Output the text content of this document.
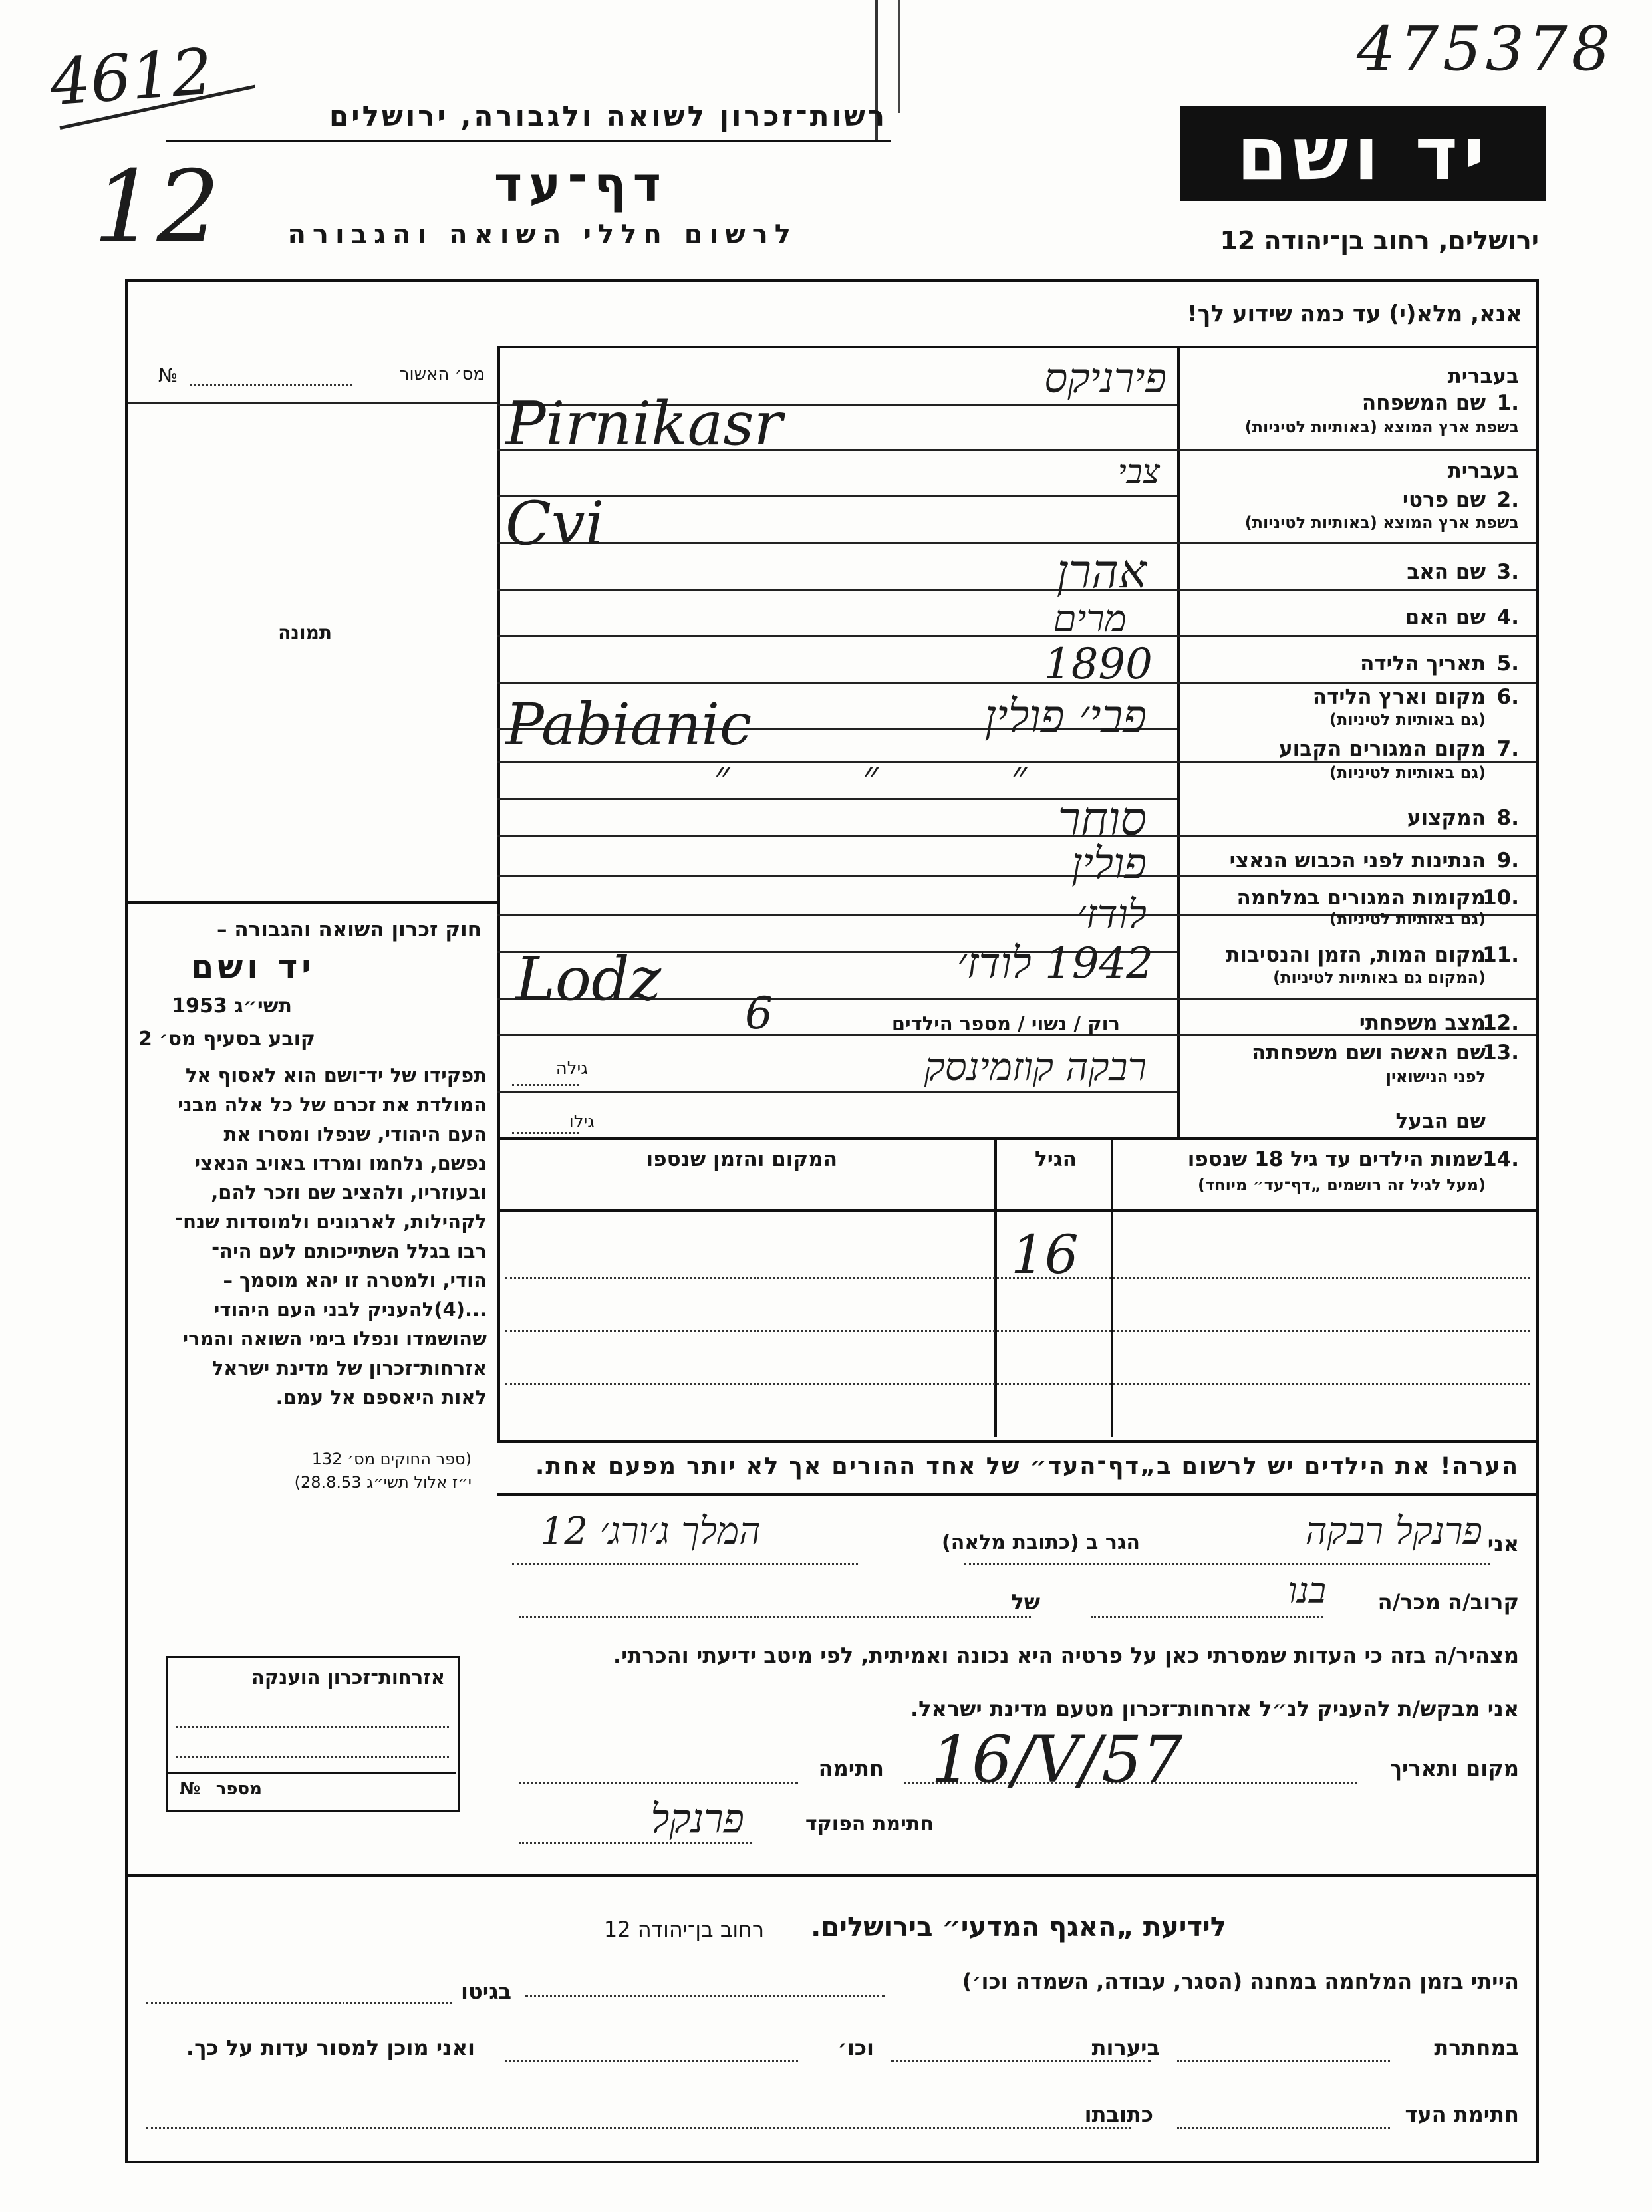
475378
4612
12
רשות־זכרון לשואה ולגבורה, ירושלים
דף־עד
לרשום חללי השואה והגבורה
יד ושם
ירושלים, רחוב בן־יהודה 12
אנא, מלא(י) עד כמה שידוע לך!
מס׳ האשור
№
תמונה
בעברית
1.
שם המשפחה
בשפת ארץ המוצא (באותיות לטיניות)
בעברית
2.
שם פרטי
בשפת ארץ המוצא (באותיות לטיניות)
3.
שם האב
4.
שם האם
5.
תאריך הלידה
6.
מקום וארץ הלידה
(גם באותיות לטיניות)
7.
מקום המגורים הקבוע
(גם באותיות לטיניות)
8.
המקצוע
9.
הנתינות לפני הכבוש הנאצי
10.
מקומות המגורים במלחמה
(גם באותיות לטיניות)
11.
מקום המות, הזמן והנסיבות
(המקום גם באותיות לטיניות)
12.
מצב משפחתי
13.
שם האשה ושם משפחתה
לפני הנישואין
שם הבעל
פירניקס
Pirnikasr
צבי
Cvi
אהרן
מרים
1890
פבי׳ פולין
Pabianic
״ ״ ״
סוחר
פולין
לודז׳
1942 לודז׳
Lodz
רוק / נשוי / מספר הילדים
6
רבקה קוזמינסק
גילה
גילו
14.
שמות הילדים עד גיל 18 שנספו
(מעל לגיל זה רושמים „דף־עד״ מיוחד)
הגיל
המקום והזמן שנספו
16
הערה! את הילדים יש לרשום ב„דף־העד״ של אחד ההורים אך לא יותר מפעם אחת.
חוק זכרון השואה והגבורה –
יד ושם
תשי״ג 1953
קובע בסעיף מס׳ 2
תפקידו של יד־ושם הוא לאסוף אל
המולדת את זכרם של כל אלה מבני
העם היהודי, שנפלו ומסרו את
נפשם, נלחמו ומרדו באויב הנאצי
ובעוזריו, ולהציב שם וזכר להם,
לקהילות, לארגונים ולמוסדות שנח־
רבו בגלל השתייכותם לעם היה־
הודי, ולמטרה זו יהא מוסמך –
...(4)להעניק לבני העם היהודי
שהושמדו ונפלו בימי השואה והמרי
אזרחות־זכרון של מדינת ישראל
לאות היאספם אל עמם.
(ספר החוקים מס׳ 132
י״ז אלול תשי״ג 28.8.53)
אני
פרנקל רבקה
הגר ב (כתובת מלאה)
המלך ג׳ורג׳ 12
קרוב/ה מכר/ה
בנו
של
מצהיר/ה בזה כי העדות שמסרתי כאן על פרטיה היא נכונה ואמיתית, לפי מיטב ידיעתי והכרתי.
אני מבקש/ת להעניק לנ״ל אזרחות־זכרון מטעם מדינת ישראל.
מקום ותאריך
16/V/57
חתימה
חתימת הפוקד
פרנקל
אזרחות־זכרון הוענקה
מספר
№
לידיעת „האגף המדעי״ בירושלים.
רחוב בן־יהודה 12
הייתי בזמן המלחמה במחנה (הסגר, עבודה, השמדה וכו׳)
בגיטו
במחתרת
ביערות
וכו׳
ואני מוכן למסור עדות על כך.
חתימת העד
כתובתו
